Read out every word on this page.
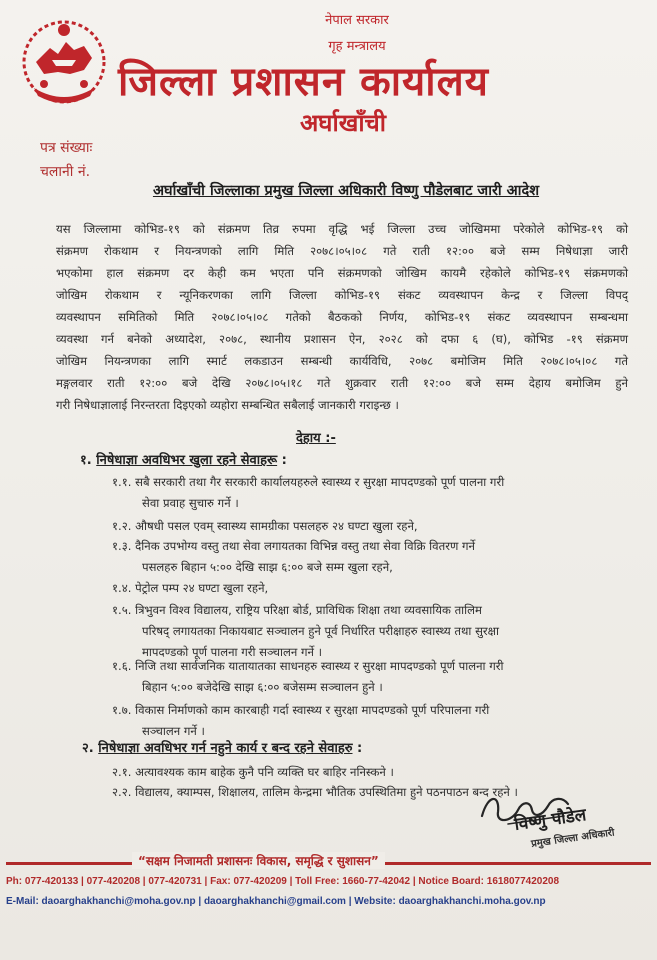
नेपाल सरकार
गृह मन्त्रालय
जिल्ला प्रशासन कार्यालय
अर्घाखाँची
पत्र संख्याः
चलानी नं.
अर्घाखाँची जिल्लाका प्रमुख जिल्ला अधिकारी विष्णु पौडेलबाट जारी आदेश
यस जिल्लामा कोभिड-१९ को संक्रमण तिव्र रुपमा वृद्धि भई जिल्ला उच्च जोखिममा परेकोले कोभिड-१९ को
संक्रमण रोकथाम र नियन्त्रणको लागि मिति २०७८।०५।०८ गते राती १२:०० बजे सम्म निषेधाज्ञा जारी
भएकोमा हाल संक्रमण दर केही कम भएता पनि संक्रमणको जोखिम कायमै रहेकोले कोभिड-१९ संक्रमणको
जोखिम रोकथाम र न्यूनिकरणका लागि जिल्ला कोभिड-१९ संकट व्यवस्थापन केन्द्र र जिल्ला विपद्
व्यवस्थापन समितिको मिति २०७८।०५।०८ गतेको बैठकको निर्णय, कोभिड-१९ संकट व्यवस्थापन सम्बन्धमा
व्यवस्था गर्न बनेको अध्यादेश, २०७८, स्थानीय प्रशासन ऐन, २०२८ को दफा ६ (घ), कोभिड -१९ संक्रमण
जोखिम नियन्त्रणका लागि स्मार्ट लकडाउन सम्बन्धी कार्यविधि, २०७८ बमोजिम मिति २०७८।०५।०८ गते
मङ्गलवार राती १२:०० बजे देखि २०७८।०५।१८ गते शुक्रवार राती १२:०० बजे सम्म देहाय बमोजिम हुने
गरी निषेधाज्ञालाई निरन्तरता दिइएको व्यहोरा सम्बन्धित सबैलाई जानकारी गराइन्छ ।
देहाय :-
१. निषेधाज्ञा अवधिभर खुला रहने सेवाहरू :
१.१. सबै सरकारी तथा गैर सरकारी कार्यालयहरुले स्वास्थ्य र सुरक्षा मापदण्डको पूर्ण पालना गरी
सेवा प्रवाह सुचारु गर्ने ।
१.२. औषधी पसल एवम् स्वास्थ्य सामग्रीका पसलहरु २४ घण्टा खुला रहने,
१.३. दैनिक उपभोग्य वस्तु तथा सेवा लगायतका विभिन्न वस्तु तथा सेवा विक्रि वितरण गर्ने
पसलहरु बिहान ५:०० देखि साझ ६:०० बजे सम्म खुला रहने,
१.४. पेट्रोल पम्प २४ घण्टा खुला रहने,
१.५. त्रिभुवन विश्व विद्यालय, राष्ट्रिय परिक्षा बोर्ड, प्राविधिक शिक्षा तथा व्यवसायिक तालिम
परिषद् लगायतका निकायबाट सञ्चालन हुने पूर्व निर्धारित परीक्षाहरु स्वास्थ्य तथा सुरक्षा
मापदण्डको पूर्ण पालना गरी सञ्चालन गर्ने ।
१.६. निजि तथा सार्वजनिक यातायातका साधनहरु स्वास्थ्य र सुरक्षा मापदण्डको पूर्ण पालना गरी
बिहान ५:०० बजेदेखि साझ ६:०० बजेसम्म सञ्चालन हुने ।
१.७. विकास निर्माणको काम कारबाही गर्दा स्वास्थ्य र सुरक्षा मापदण्डको पूर्ण परिपालना गरी
सञ्चालन गर्ने ।
२. निषेधाज्ञा अवधिभर गर्न नहुने कार्य र बन्द रहने सेवाहरु :
२.१. अत्यावश्यक काम बाहेक कुनै पनि व्यक्ति घर बाहिर ननिस्कने ।
२.२. विद्यालय, क्याम्पस, शिक्षालय, तालिम केन्द्रमा भौतिक उपस्थितिमा हुने पठनपाठन बन्द रहने ।
विष्णु पौडेल
प्रमुख जिल्ला अधिकारी
“सक्षम निजामती प्रशासनः विकास, समृद्धि र सुशासन”
Ph: 077-420133 | 077-420208 | 077-420731 | Fax: 077-420209 | Toll Free: 1660-77-42042 | Notice Board: 1618077420208
E-Mail: daoarghakhanchi@moha.gov.np | daoarghakhanchi@gmail.com | Website: daoarghakhanchi.moha.gov.np
